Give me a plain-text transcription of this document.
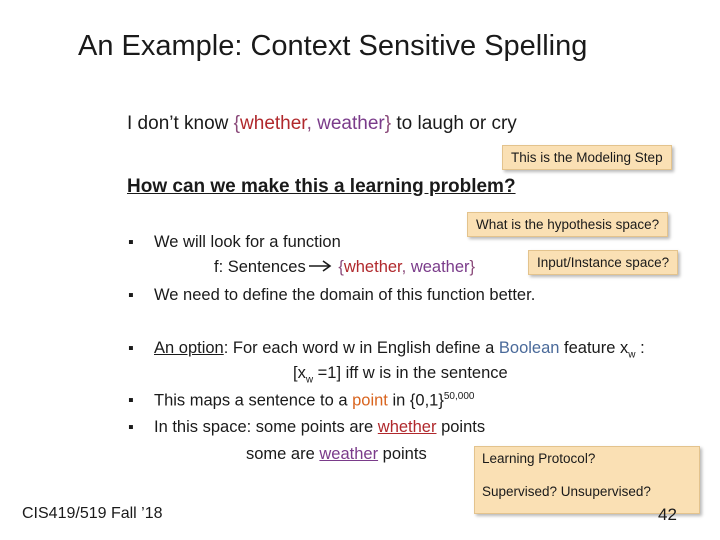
An Example: Context Sensitive Spelling
I don’t know {whether, weather} to laugh or cry
This is the Modeling Step
How can we make this a learning problem?
What is the hypothesis space?
▪ We will look for a function
Input/Instance space?
f: Sentences {whether, weather}
▪ We need to define the domain of this function better.
▪ An option: For each word w in English define a Boolean feature $x_w$ :
$[x_w =1]$ iff w is in the sentence
▪ This maps a sentence to a point in $\{0,1\}^{50,000}$
▪ In this space: some points are whether points
some are weather points	Learning Protocol?
Supervised? Unsupervised?
CIS419/519 Fall ’18	42
